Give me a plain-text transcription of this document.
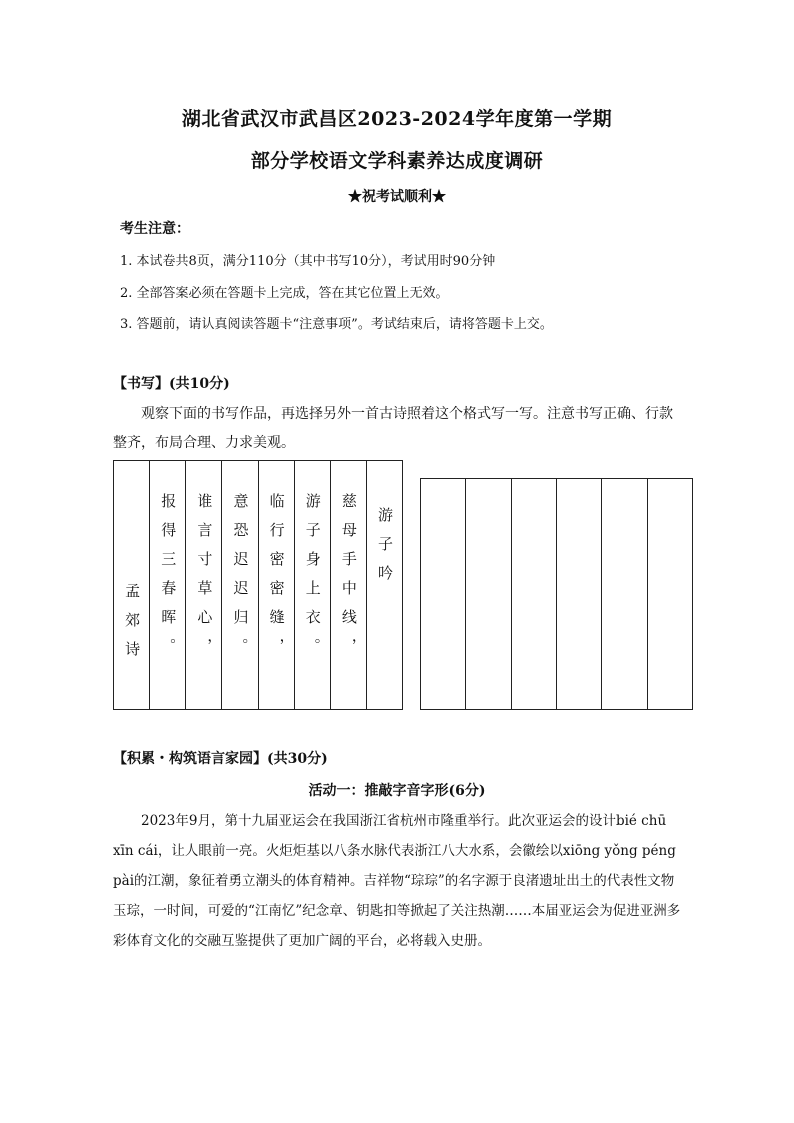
湖北省武汉市武昌区2023-2024学年度第一学期
部分学校语文学科素养达成度调研
★祝考试顺利★
考生注意：
1. 本试卷共8页，满分110分（其中书写10分），考试用时90分钟
2. 全部答案必须在答题卡上完成，答在其它位置上无效。
3. 答题前，请认真阅读答题卡“注意事项”。考试结束后，请将答题卡上交。
【书写】(共10分)
观察下面的书写作品，再选择另外一首古诗照着这个格式写一写。注意书写正确、行款整齐，布局合理、力求美观。
孟郊诗	报得三春晖。	谁言寸草心，	意恐迟迟归。	临行密密缝，	游子身上衣。	慈母手中线，	游子吟

【积累・构筑语言家园】(共30分)
活动一：推敲字音字形(6分)
2023年9月，第十九届亚运会在我国浙江省杭州市隆重举行。此次亚运会的设计bié chū xīn cái，让人眼前一亮。火炬炬基以八条水脉代表浙江八大水系，会徽绘以xiōng yǒng péng pài的江潮，象征着勇立潮头的体育精神。吉祥物“琮琮”的名字源于良渚遗址出土的代表性文物玉琮，一时间，可爱的“江南忆”纪念章、钥匙扣等掀起了关注热潮……本届亚运会为促进亚洲多彩体育文化的交融互鉴提供了更加广阔的平台，必将载入史册。
